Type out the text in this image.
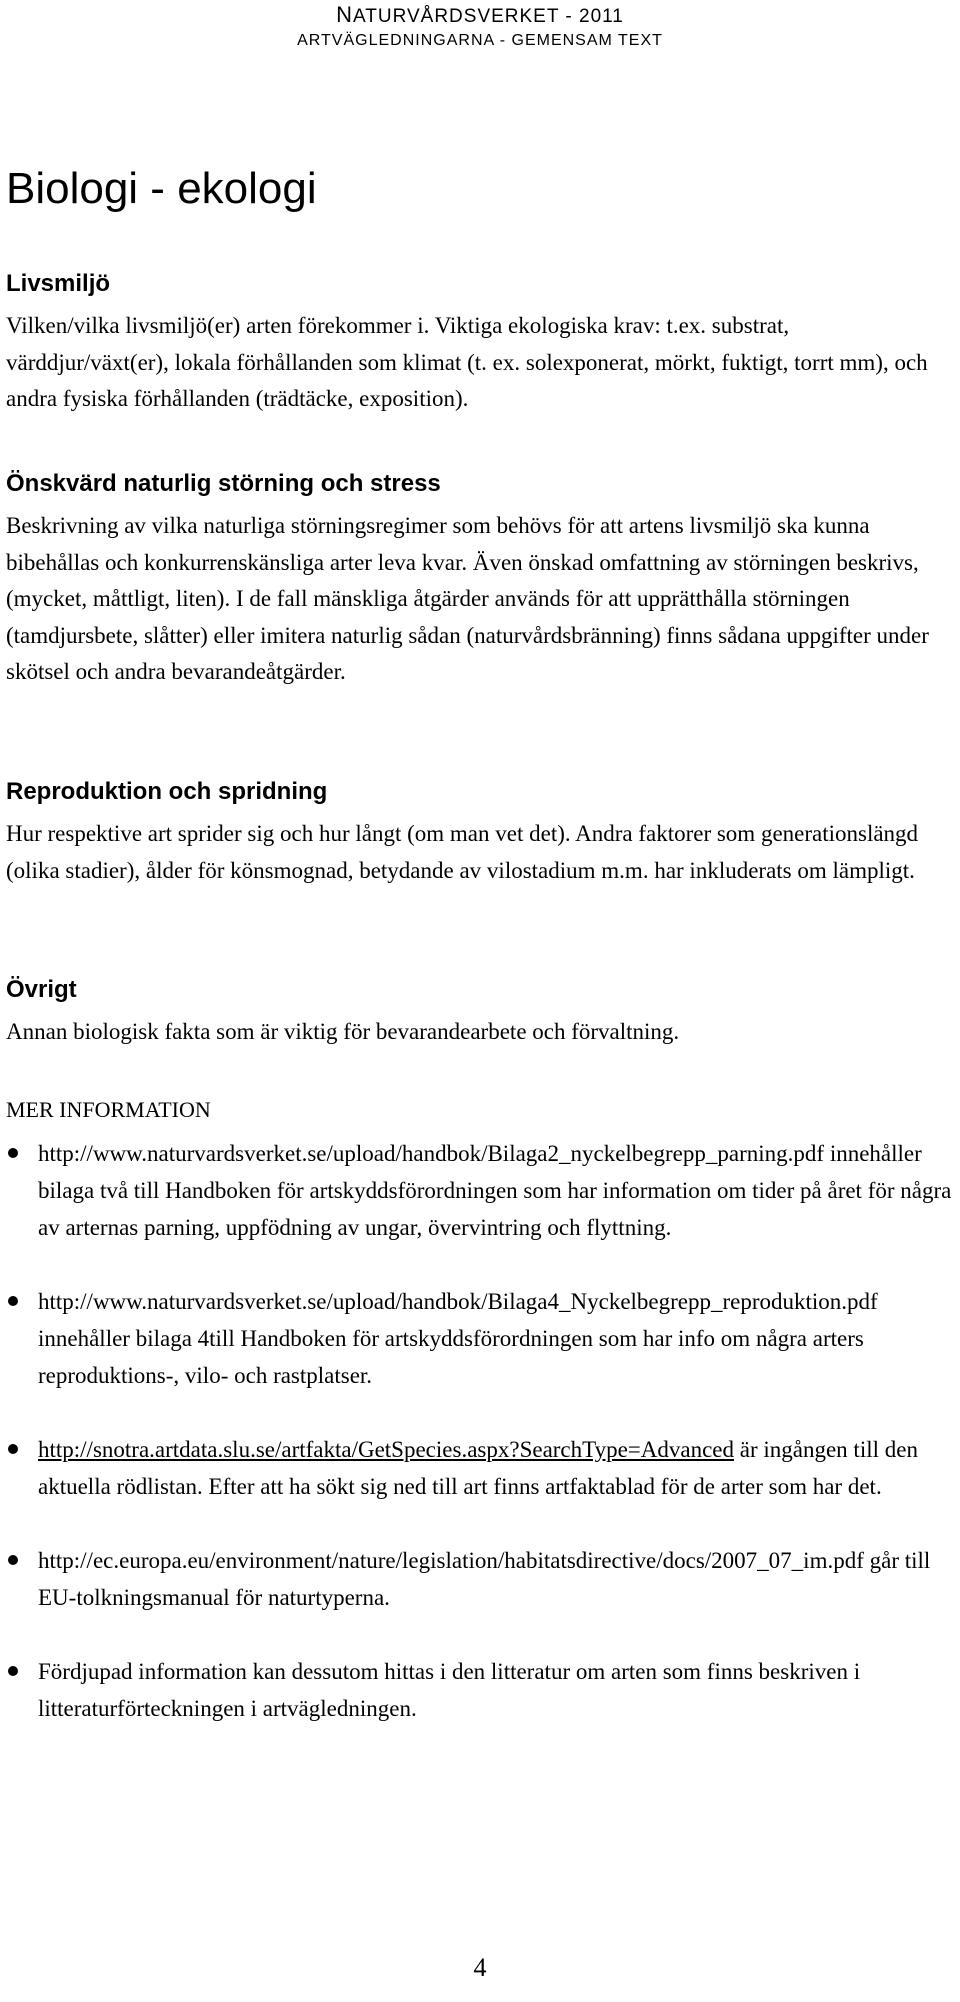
NATURVÅRDSVERKET - 2011
ARTVÄGLEDNINGARNA - GEMENSAM TEXT
Biologi - ekologi
Livsmiljö

Vilken/vilka livsmiljö(er) arten förekommer i. Viktiga ekologiska krav: t.ex. substrat, värddjur/växt(er), lokala förhållanden som klimat (t. ex. solexponerat, mörkt, fuktigt, torrt mm), och andra fysiska förhållanden (trädtäcke, exposition).

Önskvärd naturlig störning och stress

Beskrivning av vilka naturliga störningsregimer som behövs för att artens livsmiljö ska kunna bibehållas och konkurrenskänsliga arter leva kvar. Även önskad omfattning av störningen beskrivs, (mycket, måttligt, liten). I de fall mänskliga åtgärder används för att upprätthålla störningen (tamdjursbete, slåtter) eller imitera naturlig sådan (naturvårdsbränning) finns sådana uppgifter under skötsel och andra bevarandeåtgärder.

Reproduktion och spridning

Hur respektive art sprider sig och hur långt (om man vet det). Andra faktorer som generationslängd (olika stadier), ålder för könsmognad, betydande av vilostadium m.m. har inkluderats om lämpligt.

Övrigt

Annan biologisk fakta som är viktig för bevarandearbete och förvaltning.

MER INFORMATION
http://www.naturvardsverket.se/upload/handbok/Bilaga2_nyckelbegrepp_parning.pdf innehåller bilaga två till Handboken för artskyddsförordningen som har information om tider på året för några av arternas parning, uppfödning av ungar, övervintring och flyttning.
http://www.naturvardsverket.se/upload/handbok/Bilaga4_Nyckelbegrepp_reproduktion.pdf innehåller bilaga 4till Handboken för artskyddsförordningen som har info om några arters reproduktions-, vilo- och rastplatser.
http://snotra.artdata.slu.se/artfakta/GetSpecies.aspx?SearchType=Advanced är ingången till den aktuella rödlistan. Efter att ha sökt sig ned till art finns artfaktablad för de arter som har det.
http://ec.europa.eu/environment/nature/legislation/habitatsdirective/docs/2007_07_im.pdf går till EU-tolkningsmanual för naturtyperna.
Fördjupad information kan dessutom hittas i den litteratur om arten som finns beskriven i litteraturförteckningen i artvägledningen.
4
